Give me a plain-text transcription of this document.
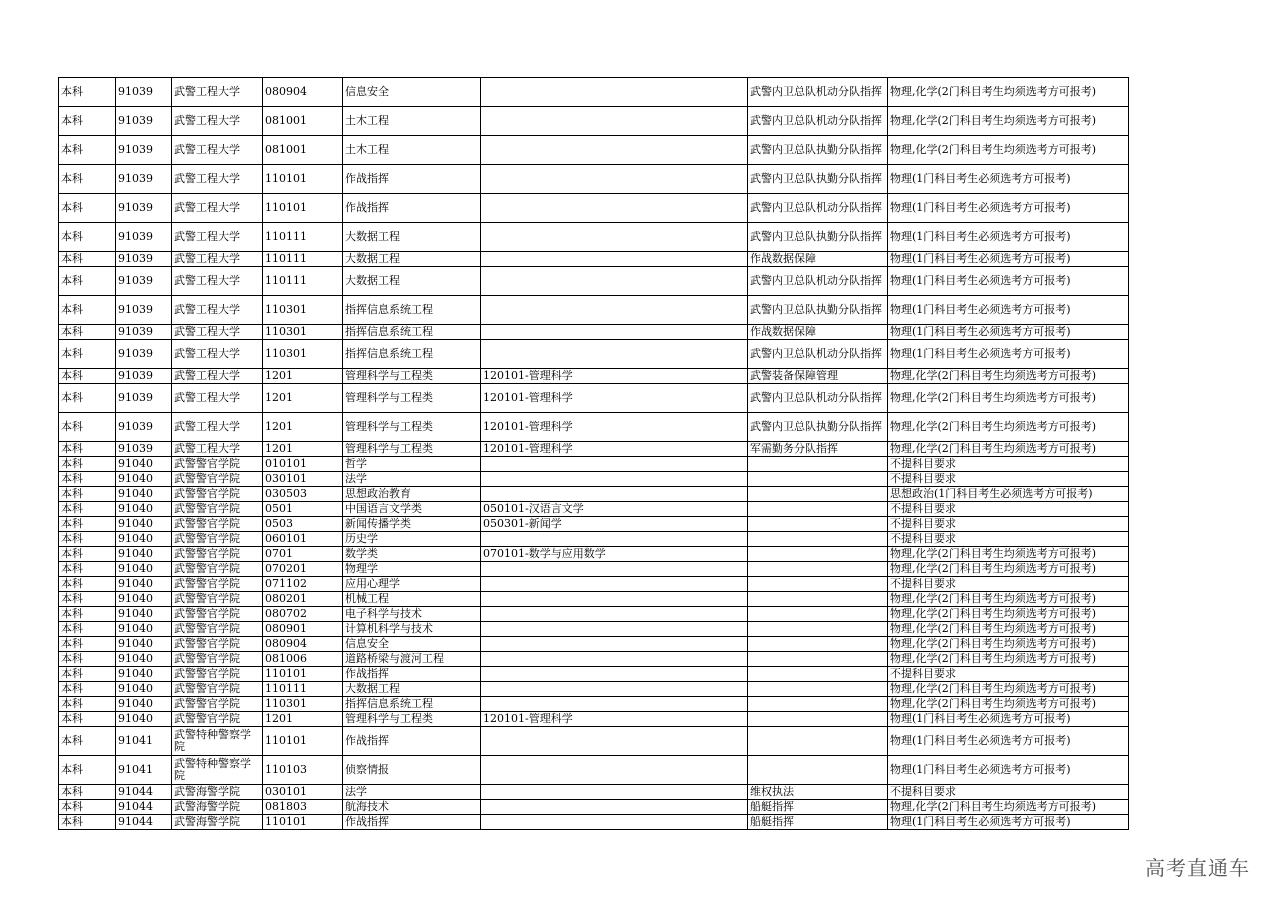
本科	91039	武警工程大学	080904	信息安全		武警内卫总队机动分队指挥	物理,化学(2门科目考生均须选考方可报考)
本科	91039	武警工程大学	081001	土木工程		武警内卫总队机动分队指挥	物理,化学(2门科目考生均须选考方可报考)
本科	91039	武警工程大学	081001	土木工程		武警内卫总队执勤分队指挥	物理,化学(2门科目考生均须选考方可报考)
本科	91039	武警工程大学	110101	作战指挥		武警内卫总队执勤分队指挥	物理(1门科目考生必须选考方可报考)
本科	91039	武警工程大学	110101	作战指挥		武警内卫总队机动分队指挥	物理(1门科目考生必须选考方可报考)
本科	91039	武警工程大学	110111	大数据工程		武警内卫总队执勤分队指挥	物理(1门科目考生必须选考方可报考)
本科	91039	武警工程大学	110111	大数据工程		作战数据保障	物理(1门科目考生必须选考方可报考)
本科	91039	武警工程大学	110111	大数据工程		武警内卫总队机动分队指挥	物理(1门科目考生必须选考方可报考)
本科	91039	武警工程大学	110301	指挥信息系统工程		武警内卫总队执勤分队指挥	物理(1门科目考生必须选考方可报考)
本科	91039	武警工程大学	110301	指挥信息系统工程		作战数据保障	物理(1门科目考生必须选考方可报考)
本科	91039	武警工程大学	110301	指挥信息系统工程		武警内卫总队机动分队指挥	物理(1门科目考生必须选考方可报考)
本科	91039	武警工程大学	1201	管理科学与工程类	120101-管理科学	武警装备保障管理	物理,化学(2门科目考生均须选考方可报考)
本科	91039	武警工程大学	1201	管理科学与工程类	120101-管理科学	武警内卫总队机动分队指挥	物理,化学(2门科目考生均须选考方可报考)
本科	91039	武警工程大学	1201	管理科学与工程类	120101-管理科学	武警内卫总队执勤分队指挥	物理,化学(2门科目考生均须选考方可报考)
本科	91039	武警工程大学	1201	管理科学与工程类	120101-管理科学	军需勤务分队指挥	物理,化学(2门科目考生均须选考方可报考)
本科	91040	武警警官学院	010101	哲学			不提科目要求
本科	91040	武警警官学院	030101	法学			不提科目要求
本科	91040	武警警官学院	030503	思想政治教育			思想政治(1门科目考生必须选考方可报考)
本科	91040	武警警官学院	0501	中国语言文学类	050101-汉语言文学		不提科目要求
本科	91040	武警警官学院	0503	新闻传播学类	050301-新闻学		不提科目要求
本科	91040	武警警官学院	060101	历史学			不提科目要求
本科	91040	武警警官学院	0701	数学类	070101-数学与应用数学		物理,化学(2门科目考生均须选考方可报考)
本科	91040	武警警官学院	070201	物理学			物理,化学(2门科目考生均须选考方可报考)
本科	91040	武警警官学院	071102	应用心理学			不提科目要求
本科	91040	武警警官学院	080201	机械工程			物理,化学(2门科目考生均须选考方可报考)
本科	91040	武警警官学院	080702	电子科学与技术			物理,化学(2门科目考生均须选考方可报考)
本科	91040	武警警官学院	080901	计算机科学与技术			物理,化学(2门科目考生均须选考方可报考)
本科	91040	武警警官学院	080904	信息安全			物理,化学(2门科目考生均须选考方可报考)
本科	91040	武警警官学院	081006	道路桥梁与渡河工程			物理,化学(2门科目考生均须选考方可报考)
本科	91040	武警警官学院	110101	作战指挥			不提科目要求
本科	91040	武警警官学院	110111	大数据工程			物理,化学(2门科目考生均须选考方可报考)
本科	91040	武警警官学院	110301	指挥信息系统工程			物理,化学(2门科目考生均须选考方可报考)
本科	91040	武警警官学院	1201	管理科学与工程类	120101-管理科学		物理(1门科目考生必须选考方可报考)
本科	91041	武警特种警察学院	110101	作战指挥			物理(1门科目考生必须选考方可报考)
本科	91041	武警特种警察学院	110103	侦察情报			物理(1门科目考生必须选考方可报考)
本科	91044	武警海警学院	030101	法学		维权执法	不提科目要求
本科	91044	武警海警学院	081803	航海技术		船艇指挥	物理,化学(2门科目考生均须选考方可报考)
本科	91044	武警海警学院	110101	作战指挥		船艇指挥	物理(1门科目考生必须选考方可报考)
高考直通车
